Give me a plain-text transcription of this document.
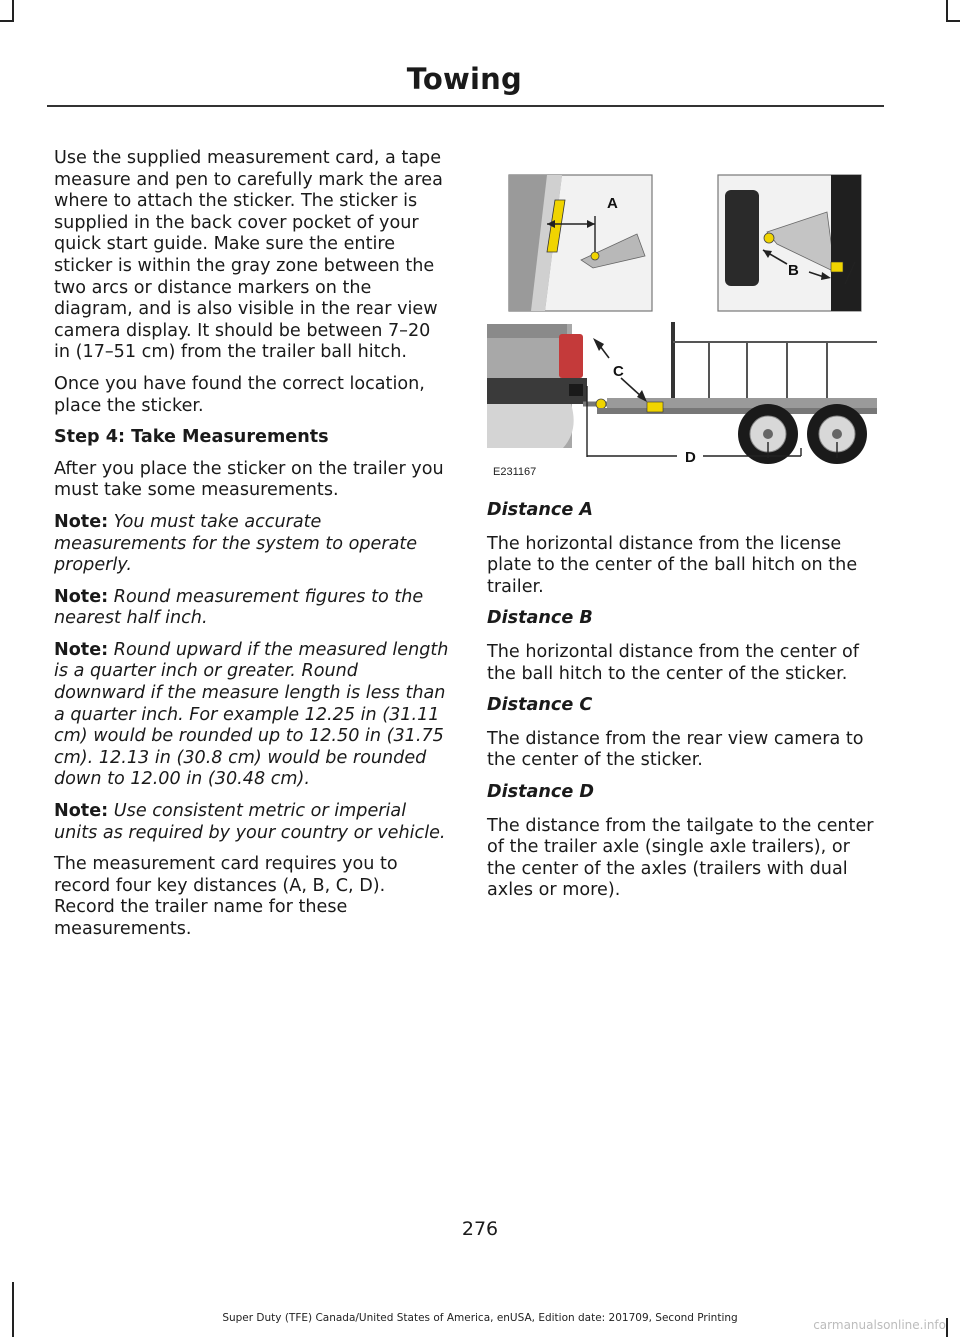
Towing

Use the supplied measurement card, a tape measure and pen to carefully mark the area where to attach the sticker. The sticker is supplied in the back cover pocket of your quick start guide. Make sure the entire sticker is within the gray zone between the two arcs or distance markers on the diagram, and is also visible in the rear view camera display. It should be between 7–20 in (17–51 cm) from the trailer ball hitch.

Once you have found the correct location, place the sticker.

Step 4: Take Measurements

After you place the sticker on the trailer you must take some measurements.

Note: You must take accurate measurements for the system to operate properly.

Note: Round measurement figures to the nearest half inch.

Note: Round upward if the measured length is a quarter inch or greater. Round downward if the measure length is less than a quarter inch. For example 12.25 in (31.11 cm) would be rounded up to 12.50 in (31.75 cm). 12.13 in (30.8 cm) would be rounded down to 12.00 in (30.48 cm).

Note: Use consistent metric or imperial units as required by your country or vehicle.

The measurement card requires you to record four key distances (A, B, C, D). Record the trailer name for these measurements.

A
B
C
D
E231167

Distance A

The horizontal distance from the license plate to the center of the ball hitch on the trailer.

Distance B

The horizontal distance from the center of the ball hitch to the center of the sticker.

Distance C

The distance from the rear view camera to the center of the sticker.

Distance D

The distance from the tailgate to the center of the trailer axle (single axle trailers), or the center of the axles (trailers with dual axles or more).

276
Super Duty (TFE) Canada/United States of America, enUSA, Edition date: 201709, Second Printing	carmanualsonline.info
